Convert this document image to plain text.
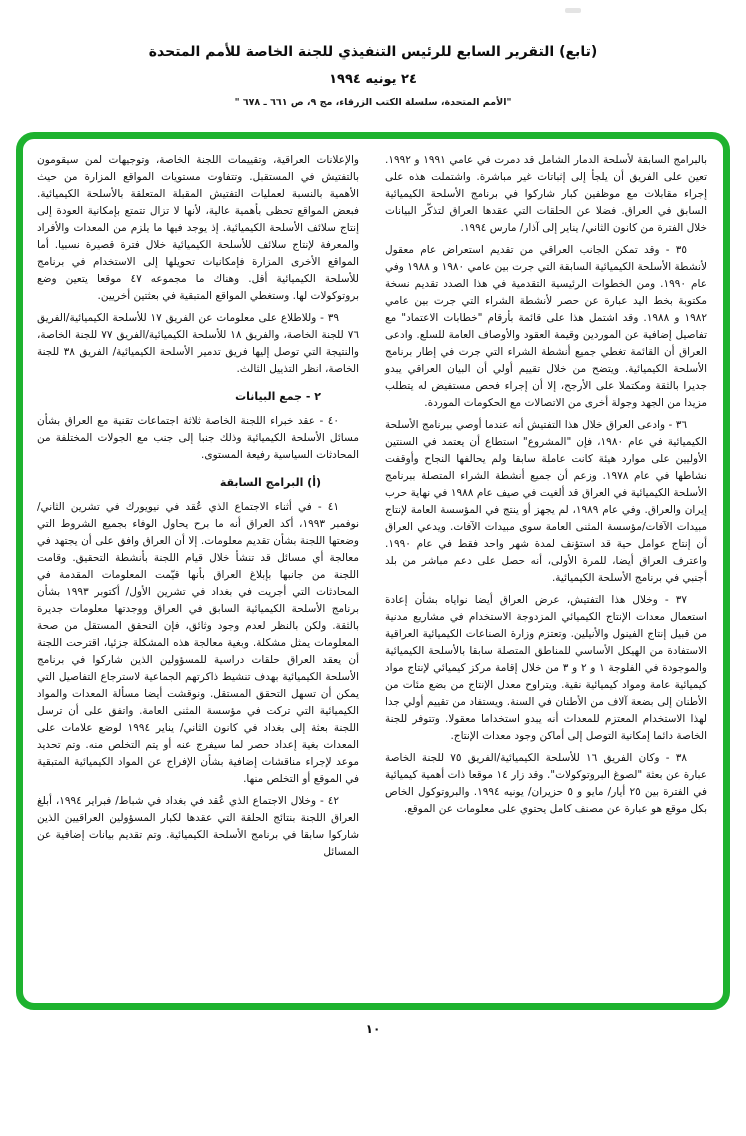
(تابع) التقرير السابع للرئيس التنفيذي للجنة الخاصة للأمم المتحدة
٢٤ يونيه ١٩٩٤
"الأمم المتحدة، سلسلة الكتب الزرقاء، مج ٩، ص ٦٦١ ـ ٦٧٨ "

بالبرامج السابقة لأسلحة الدمار الشامل قد دمرت في عامي ١٩٩١ و ١٩٩٢. تعين على الفريق أن يلجأ إلى إثباتات غير مباشرة. واشتملت هذه على إجراء مقابلات مع موظفين كبار شاركوا في برنامج الأسلحة الكيميائية السابق في العراق. فضلا عن الحلقات التي عقدها العراق لتذكّر البيانات خلال الفترة من كانون الثاني/ يناير إلى آذار/ مارس ١٩٩٤.

٣٥ - وقد تمكن الجانب العراقي من تقديم استعراض عام معقول لأنشطة الأسلحة الكيميائية السابقة التي جرت بين عامي ١٩٨٠ و ١٩٨٨ وفي عام ١٩٩٠. ومن الخطوات الرئيسية التقدمية في هذا الصدد تقديم نسخة مكتوبة بخط اليد عبارة عن حصر لأنشطة الشراء التي جرت بين عامي ١٩٨٢ و ١٩٨٨. وقد اشتمل هذا على قائمة بأرقام "خطابات الاعتماد" مع تفاصيل إضافية عن الموردين وقيمة العقود والأوصاف العامة للسلع. وادعى العراق أن القائمة تغطي جميع أنشطة الشراء التي جرت في إطار برنامج الأسلحة الكيميائية. ويتضح من خلال تقييم أولي أن البيان العراقي يبدو جديرا بالثقة ومكتملا على الأرجح، إلا أن إجراء فحص مستفيض له يتطلب مزيدا من الجهد وجولة أخرى من الاتصالات مع الحكومات الموردة.

٣٦ - وادعى العراق خلال هذا التفتيش أنه عندما أوصي ببرنامج الأسلحة الكيميائية في عام ١٩٨٠، فإن "المشروع" استطاع أن يعتمد في السنتين الأوليين على موارد هيئة كانت عاملة سابقا ولم يحالفها النجاح وأوقفت نشاطها في عام ١٩٧٨. وزعم أن جميع أنشطة الشراء المتصلة ببرنامج الأسلحة الكيميائية في العراق قد ألغيت في صيف عام ١٩٨٨ في نهاية حرب إيران والعراق. وفي عام ١٩٨٩، لم يجهز أو ينتج في المؤسسة العامة لإنتاج مبيدات الآفات/مؤسسة المثنى العامة سوى مبيدات الآفات. ويدعي العراق أن إنتاج عوامل حية قد استؤنف لمدة شهر واحد فقط في عام ١٩٩٠. واعترف العراق أيضا، للمرة الأولى، أنه حصل على دعم مباشر من بلد أجنبي في برنامج الأسلحة الكيميائية.

٣٧ - وخلال هذا التفتيش، عرض العراق أيضا نواياه بشأن إعادة استعمال معدات الإنتاج الكيميائي المزدوجة الاستخدام في مشاريع مدنية من قبيل إنتاج الفينول والأنيلين. وتعتزم وزارة الصناعات الكيميائية العراقية الاستفادة من الهيكل الأساسي للمناطق المتصلة سابقا بالأسلحة الكيميائية والموجودة في الفلوجة ١ و ٢ و ٣ من خلال إقامة مركز كيميائي لإنتاج مواد كيميائية عامة ومواد كيميائية نقية. ويتراوح معدل الإنتاج من بضع مئات من الأطنان إلى بضعة آلاف من الأطنان في السنة. ويستفاد من تقييم أولي جدا لهذا الاستخدام المعتزم للمعدات أنه يبدو استخداما معقولا. وتتوفر للجنة الخاصة دائما إمكانية التوصل إلى أماكن وجود معدات الإنتاج.

٣٨ - وكان الفريق ١٦ للأسلحة الكيميائية/الفريق ٧٥ للجنة الخاصة عبارة عن بعثة "لصوغ البروتوكولات". وقد زار ١٤ موقعا ذات أهمية كيميائية في الفترة بين ٢٥ أيار/ مايو و ٥ حزيران/ يونيه ١٩٩٤. والبروتوكول الخاص بكل موقع هو عبارة عن مصنف كامل يحتوي على معلومات عن الموقع.

والإعلانات العراقية، وتقييمات اللجنة الخاصة، وتوجيهات لمن سيقومون بالتفتيش في المستقبل. وتتفاوت مستويات المواقع المزارة من حيث الأهمية بالنسبة لعمليات التفتيش المقبلة المتعلقة بالأسلحة الكيميائية. فبعض المواقع تحظى بأهمية عالية، لأنها لا تزال تتمتع بإمكانية العودة إلى إنتاج سلائف الأسلحة الكيميائية. إذ يوجد فيها ما يلزم من المعدات والأفراد والمعرفة لإنتاج سلائف للأسلحة الكيميائية خلال فترة قصيرة نسبيا. أما المواقع الأخرى المزارة فإمكانيات تحويلها إلى الاستخدام في برنامج للأسلحة الكيميائية أقل. وهناك ما مجموعه ٤٧ موقعا يتعين وضع بروتوكولات لها. وستغطي المواقع المتبقية في بعثتين أخريين.

٣٩ - وللاطلاع على معلومات عن الفريق ١٧ للأسلحة الكيميائية/الفريق ٧٦ للجنة الخاصة، والفريق ١٨ للأسلحة الكيميائية/الفريق ٧٧ للجنة الخاصة، والنتيجة التي توصل إليها فريق تدمير الأسلحة الكيميائية/ الفريق ٣٨ للجنة الخاصة، انظر التذييل الثالث.

٢ - جمع البيانات

٤٠ - عقد خبراء اللجنة الخاصة ثلاثة اجتماعات تقنية مع العراق بشأن مسائل الأسلحة الكيميائية وذلك جنبا إلى جنب مع الجولات المختلفة من المحادثات السياسية رفيعة المستوى.

(أ) البرامج السابقة

٤١ - في أثناء الاجتماع الذي عُقد في نيويورك في تشرين الثاني/ نوفمبر ١٩٩٣، أكد العراق أنه ما برح يحاول الوفاء بجميع الشروط التي وضعتها اللجنة بشأن تقديم معلومات. إلا أن العراق وافق على أن يجتهد في معالجة أي مسائل قد تنشأ خلال قيام اللجنة بأنشطة التحقيق. وقامت اللجنة من جانبها بإبلاغ العراق بأنها قيّمت المعلومات المقدمة في المحادثات التي أجريت في بغداد في تشرين الأول/ أكتوبر ١٩٩٣ بشأن برنامج الأسلحة الكيميائية السابق في العراق ووجدتها معلومات جديرة بالثقة. ولكن بالنظر لعدم وجود وثائق، فإن التحقق المستقل من صحة المعلومات يمثل مشكلة. وبغية معالجة هذه المشكلة جزئيا، اقترحت اللجنة أن يعقد العراق حلقات دراسية للمسؤولين الذين شاركوا في برنامج الأسلحة الكيميائية بهدف تنشيط ذاكرتهم الجماعية لاسترجاع التفاصيل التي يمكن أن تسهل التحقق المستقل. ونوقشت أيضا مسألة المعدات والمواد الكيميائية التي تركت في مؤسسة المثنى العامة. واتفق على أن ترسل اللجنة بعثة إلى بغداد في كانون الثاني/ يناير ١٩٩٤ لوضع علامات على المعدات بغية إعداد حصر لما سيفرج عنه أو يتم التخلص منه. وتم تحديد موعد لإجراء مناقشات إضافية بشأن الإفراج عن المواد الكيميائية المتبقية في الموقع أو التخلص منها.

٤٢ - وخلال الاجتماع الذي عُقد في بغداد في شباط/ فبراير ١٩٩٤، أبلغ العراق اللجنة بنتائج الحلقة التي عقدها لكبار المسؤولين العراقيين الذين شاركوا سابقا في برنامج الأسلحة الكيميائية. وتم تقديم بيانات إضافية عن المسائل

١٠
